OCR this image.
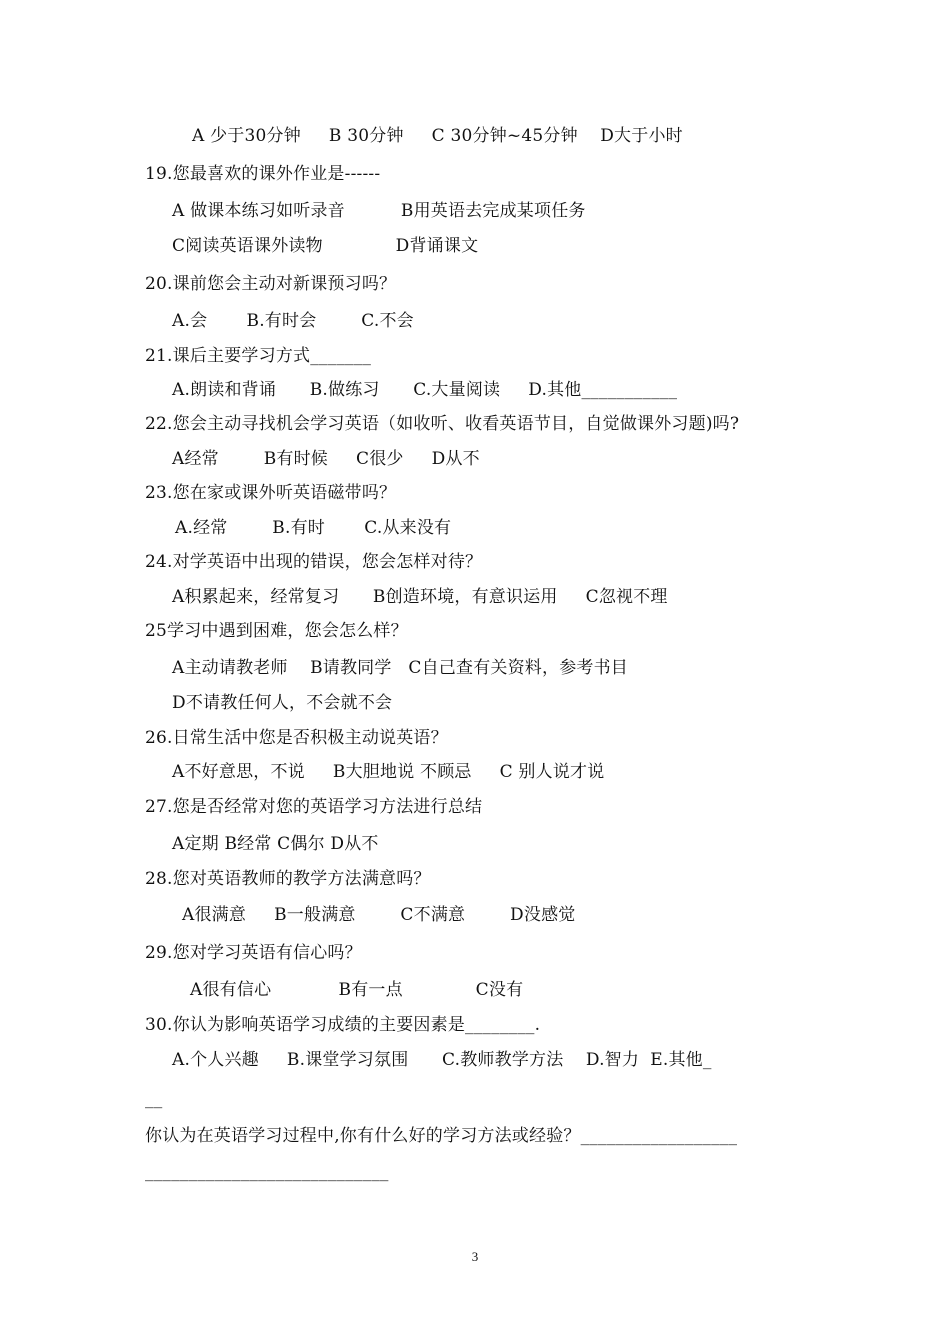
A 少于30分钟     B 30分钟     C 30分钟~45分钟    D大于小时
19.您最喜欢的课外作业是------
A 做课本练习如听录音          B用英语去完成某项任务
C阅读英语课外读物             D背诵课文
20.课前您会主动对新课预习吗？
A.会       B.有时会        C.不会
21.课后主要学习方式_______
A.朗读和背诵      B.做练习      C.大量阅读     D.其他___________
22.您会主动寻找机会学习英语（如收听、收看英语节目，自觉做课外习题)吗?
A经常        B有时候     C很少     D从不
23.您在家或课外听英语磁带吗？
A.经常        B.有时       C.从来没有
24.对学英语中出现的错误，您会怎样对待？
A积累起来，经常复习      B创造环境，有意识运用     C忽视不理
25学习中遇到困难，您会怎么样？
A主动请教老师    B请教同学   C自己查有关资料，参考书目
D不请教任何人，不会就不会
26.日常生活中您是否积极主动说英语？
A不好意思，不说     B大胆地说 不顾忌     C 别人说才说
27.您是否经常对您的英语学习方法进行总结
A定期 B经常 C偶尔 D从不
28.您对英语教师的教学方法满意吗？
A很满意     B一般满意        C不满意        D没感觉
29.您对学习英语有信心吗？
A很有信心            B有一点             C没有
30.你认为影响英语学习成绩的主要因素是________.
A.个人兴趣     B.课堂学习氛围      C.教师教学方法    D.智力  E.其他_
__
你认为在英语学习过程中,你有什么好的学习方法或经验？__________________
____________________________
3
